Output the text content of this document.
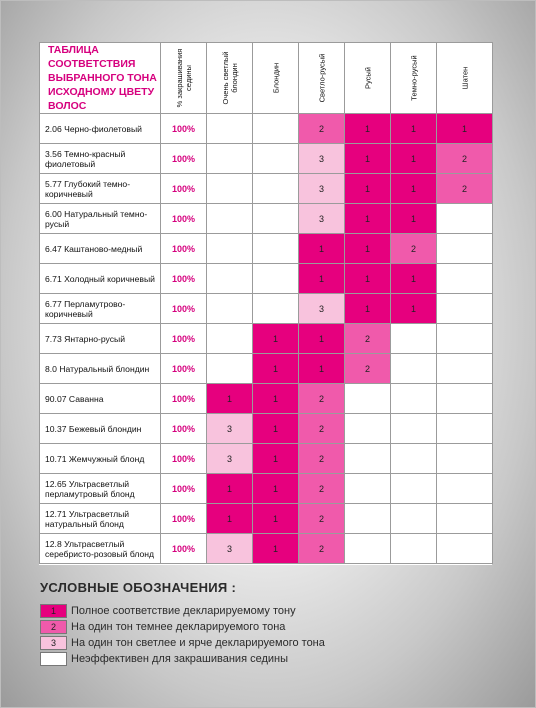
ТАБЛИЦА СООТВЕТСТВИЯ ВЫБРАННОГО ТОНА ИСХОДНОМУ ЦВЕТУ ВОЛОС	% закрашивания седины	Очень светлый блондин	Блондин	Светло-русый	Русый	Темно-русый	Шатен

2.06 Черно-фиолетовый	100%			2	1	1	1
3.56 Темно-красный фиолетовый	100%			3	1	1	2
5.77 Глубокий темно-коричневый	100%			3	1	1	2
6.00 Натуральный темно-русый	100%			3	1	1	
6.47 Каштаново-медный	100%			1	1	2	
6.71 Холодный коричневый	100%			1	1	1	
6.77 Перламутрово-коричневый	100%			3	1	1	
7.73 Янтарно-русый	100%		1	1	2		
8.0 Натуральный блондин	100%		1	1	2		
90.07 Саванна	100%	1	1	2			
10.37 Бежевый блондин	100%	3	1	2			
10.71 Жемчужный блонд	100%	3	1	2			
12.65 Ультрасветлый перламутровый блонд	100%	1	1	2			
12.71 Ультрасветлый натуральный блонд	100%	1	1	2			
12.8 Ультрасветлый серебристо-розовый блонд	100%	3	1	2			
УСЛОВНЫЕ ОБОЗНАЧЕНИЯ :
1	Полное соответствие декларируемому тону
2	На один тон темнее декларируемого тона
3	На один тон светлее и ярче декларируемого тона
Неэффективен для закрашивания седины
